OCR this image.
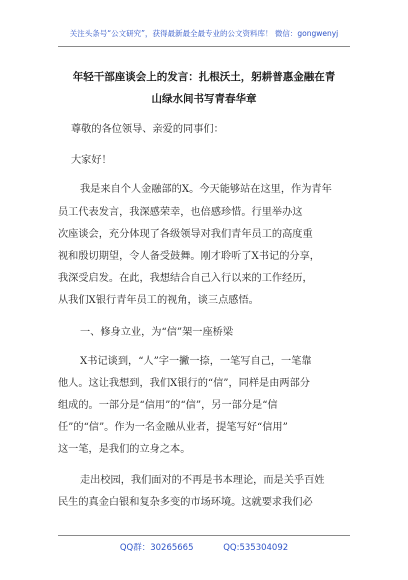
关注头条号“公文研究”，获得最新最全最专业的公文资料库！ 微信：gongwenyj
年轻干部座谈会上的发言：扎根沃土，躬耕普惠金融在青
山绿水间书写青春华章
尊敬的各位领导、亲爱的同事们：
大家好！
我是来自个人金融部的X。今天能够站在这里，作为青年
员工代表发言，我深感荣幸，也倍感珍惜。行里举办这
次座谈会，充分体现了各级领导对我们青年员工的高度重
视和殷切期望，令人备受鼓舞。刚才聆听了X书记的分享，
我深受启发。在此，我想结合自己入行以来的工作经历，
从我们X银行青年员工的视角，谈三点感悟。
一、修身立业，为“信”架一座桥梁
X书记谈到，“人”字一撇一捺，一笔写自己，一笔靠
他人。这让我想到，我们X银行的“信”，同样是由两部分
组成的。一部分是“信用”的“信”，另一部分是“信
任”的“信”。作为一名金融从业者，提笔写好“信用”
这一笔，是我们的立身之本。
走出校园，我们面对的不再是书本理论，而是关乎百姓
民生的真金白银和复杂多变的市场环境。这就要求我们必
QQ群：30265665	QQ:535304092
